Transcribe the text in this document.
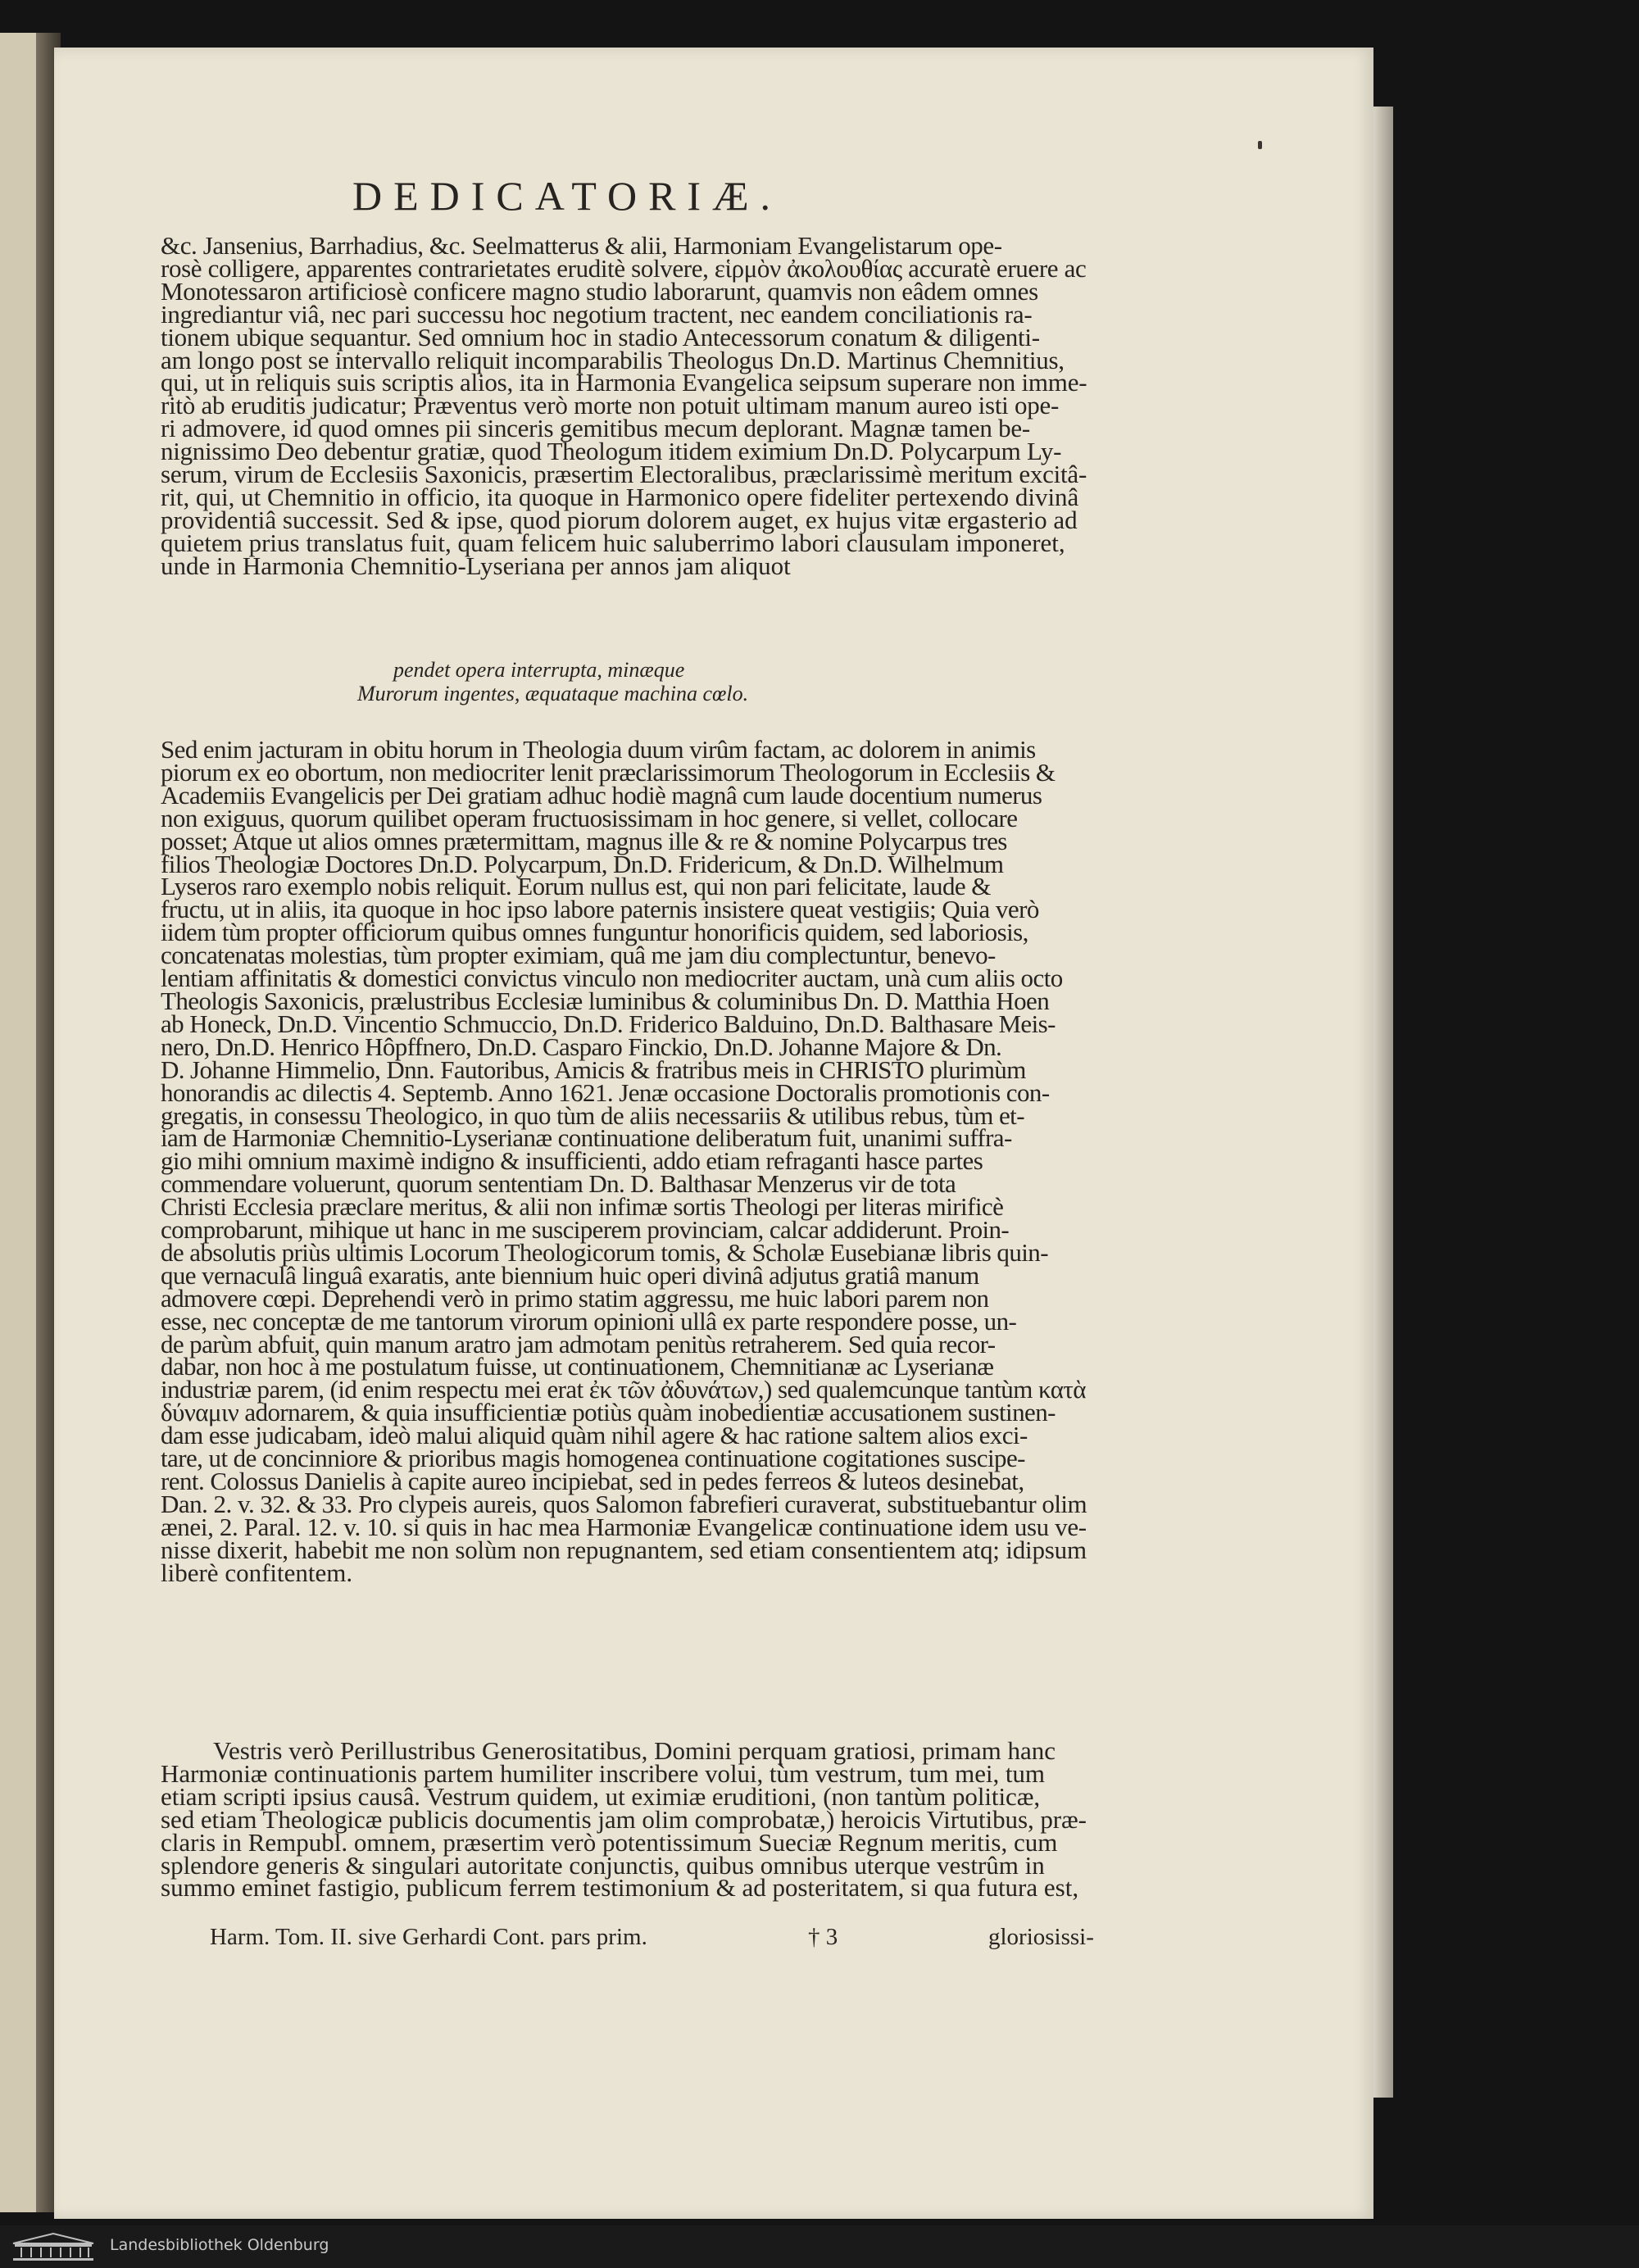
DEDICATORIÆ.

&c. Jansenius, Barrhadius, &c. Seelmatterus & alii, Harmoniam Evangelistarum ope-

rosè colligere, apparentes contrarietates eruditè solvere, εἱρμὸν ἀκολουθίας accuratè eruere ac

Monotessaron artificiosè conficere magno studio laborarunt, quamvis non eâdem omnes

ingrediantur viâ, nec pari successu hoc negotium tractent, nec eandem conciliationis ra-

tionem ubique sequantur. Sed omnium hoc in stadio Antecessorum conatum & diligenti-

am longo post se intervallo reliquit incomparabilis Theologus Dn.D. Martinus Chemnitius,

qui, ut in reliquis suis scriptis alios, ita in Harmonia Evangelica seipsum superare non imme-

ritò ab eruditis judicatur; Præventus verò morte non potuit ultimam manum aureo isti ope-

ri admovere, id quod omnes pii sinceris gemitibus mecum deplorant. Magnæ tamen be-

nignissimo Deo debentur gratiæ, quod Theologum itidem eximium Dn.D. Polycarpum Ly-

serum, virum de Ecclesiis Saxonicis, præsertim Electoralibus, præclarissimè meritum excitâ-

rit, qui, ut Chemnitio in officio, ita quoque in Harmonico opere fideliter pertexendo divinâ

providentiâ successit. Sed & ipse, quod piorum dolorem auget, ex hujus vitæ ergasterio ad

quietem prius translatus fuit, quam felicem huic saluberrimo labori clausulam imponeret,

unde in Harmonia Chemnitio-Lyseriana per annos jam aliquot

pendet opera interrupta, minæque

Murorum ingentes, æquataque machina cœlo.

Sed enim jacturam in obitu horum in Theologia duum virûm factam, ac dolorem in animis

piorum ex eo obortum, non mediocriter lenit præclarissimorum Theologorum in Ecclesiis &

Academiis Evangelicis per Dei gratiam adhuc hodiè magnâ cum laude docentium numerus

non exiguus, quorum quilibet operam fructuosissimam in hoc genere, si vellet, collocare

posset; Atque ut alios omnes prætermittam, magnus ille & re & nomine Polycarpus tres

filios Theologiæ Doctores Dn.D. Polycarpum, Dn.D. Fridericum, & Dn.D. Wilhelmum

Lyseros raro exemplo nobis reliquit. Eorum nullus est, qui non pari felicitate, laude &

fructu, ut in aliis, ita quoque in hoc ipso labore paternis insistere queat vestigiis; Quia verò

iidem tùm propter officiorum quibus omnes funguntur honorificis quidem, sed laboriosis,

concatenatas molestias, tùm propter eximiam, quâ me jam diu complectuntur, benevo-

lentiam affinitatis & domestici convictus vinculo non mediocriter auctam, unà cum aliis octo

Theologis Saxonicis, prælustribus Ecclesiæ luminibus & columinibus Dn. D. Matthia Hoen

ab Honeck, Dn.D. Vincentio Schmuccio, Dn.D. Friderico Balduino, Dn.D. Balthasare Meis-

nero, Dn.D. Henrico Hôpffnero, Dn.D. Casparo Finckio, Dn.D. Johanne Majore & Dn.

D. Johanne Himmelio, Dnn. Fautoribus, Amicis & fratribus meis in CHRISTO plurimùm

honorandis ac dilectis 4. Septemb. Anno 1621. Jenæ occasione Doctoralis promotionis con-

gregatis, in consessu Theologico, in quo tùm de aliis necessariis & utilibus rebus, tùm et-

iam de Harmoniæ Chemnitio-Lyserianæ continuatione deliberatum fuit, unanimi suffra-

gio mihi omnium maximè indigno & insufficienti, addo etiam refraganti hasce partes

commendare voluerunt, quorum sententiam Dn. D. Balthasar Menzerus vir de tota

Christi Ecclesia præclare meritus, & alii non infimæ sortis Theologi per literas mirificè

comprobarunt, mihique ut hanc in me susciperem provinciam, calcar addiderunt. Proin-

de absolutis priùs ultimis Locorum Theologicorum tomis, & Scholæ Eusebianæ libris quin-

que vernaculâ linguâ exaratis, ante biennium huic operi divinâ adjutus gratiâ manum

admovere cœpi. Deprehendi verò in primo statim aggressu, me huic labori parem non

esse, nec conceptæ de me tantorum virorum opinioni ullâ ex parte respondere posse, un-

de parùm abfuit, quin manum aratro jam admotam penitùs retraherem. Sed quia recor-

dabar, non hoc à me postulatum fuisse, ut continuationem, Chemnitianæ ac Lyserianæ

industriæ parem, (id enim respectu mei erat ἐκ τῶν ἀδυνάτων,) sed qualemcunque tantùm κατὰ

δύναμιν adornarem, & quia insufficientiæ potiùs quàm inobedientiæ accusationem sustinen-

dam esse judicabam, ideò malui aliquid quàm nihil agere & hac ratione saltem alios exci-

tare, ut de concinniore & prioribus magis homogenea continuatione cogitationes suscipe-

rent. Colossus Danielis à capite aureo incipiebat, sed in pedes ferreos & luteos desinebat,

Dan. 2. v. 32. & 33. Pro clypeis aureis, quos Salomon fabrefieri curaverat, substituebantur olim

ænei, 2. Paral. 12. v. 10. si quis in hac mea Harmoniæ Evangelicæ continuatione idem usu ve-

nisse dixerit, habebit me non solùm non repugnantem, sed etiam consentientem atq; idipsum

liberè confitentem.

Vestris verò Perillustribus Generositatibus, Domini perquam gratiosi, primam hanc

Harmoniæ continuationis partem humiliter inscribere volui, tùm vestrum, tum mei, tum

etiam scripti ipsius causâ. Vestrum quidem, ut eximiæ eruditioni, (non tantùm politicæ,

sed etiam Theologicæ publicis documentis jam olim comprobatæ,) heroicis Virtutibus, præ-

claris in Rempubl. omnem, præsertim verò potentissimum Sueciæ Regnum meritis, cum

splendore generis & singulari autoritate conjunctis, quibus omnibus uterque vestrûm in

summo eminet fastigio, publicum ferrem testimonium & ad posteritatem, si qua futura est,

Harm. Tom. II. sive Gerhardi Cont. pars prim.	† 3	gloriosissi-
Landesbibliothek Oldenburg
